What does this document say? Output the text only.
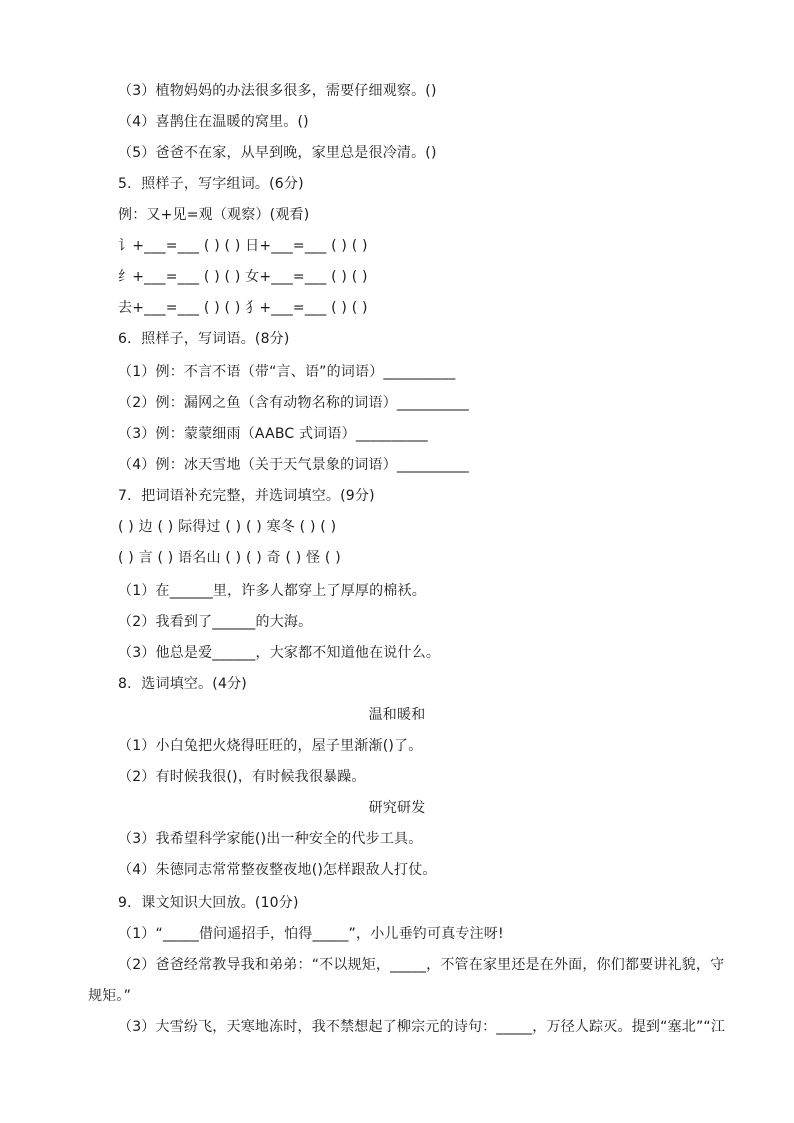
（3）植物妈妈的办法很多很多，需要仔细观察。()
（4）喜鹊住在温暖的窝里。()
（5）爸爸不在家，从早到晚，家里总是很冷清。()
5．照样子，写字组词。(6分)
例：又+见=观（观察）(观看)
讠+___=___ ( ) ( ) 日+___=___ ( ) ( )
纟+___=___ ( ) ( ) 女+___=___ ( ) ( )
去+___=___ ( ) ( ) 犭+___=___ ( ) ( )
6．照样子，写词语。(8分)
（1）例：不言不语（带“言、语”的词语）__________
（2）例：漏网之鱼（含有动物名称的词语）__________
（3）例：蒙蒙细雨（AABC 式词语）__________
（4）例：冰天雪地（关于天气景象的词语）__________
7．把词语补充完整，并选词填空。(9分)
( ) 边 ( ) 际得过 ( ) ( ) 寒冬 ( ) ( )
( ) 言 ( ) 语名山 ( ) ( ) 奇 ( ) 怪 ( )
（1）在______里，许多人都穿上了厚厚的棉袄。
（2）我看到了______的大海。
（3）他总是爱______，大家都不知道他在说什么。
8．选词填空。(4分)
温和暖和
（1）小白兔把火烧得旺旺的，屋子里渐渐()了。
（2）有时候我很()，有时候我很暴躁。
研究研发
（3）我希望科学家能()出一种安全的代步工具。
（4）朱德同志常常整夜整夜地()怎样跟敌人打仗。
9．课文知识大回放。(10分)
（1）“_____借问遥招手，怕得_____”，小儿垂钓可真专注呀!
（2）爸爸经常教导我和弟弟：“不以规矩，_____，不管在家里还是在外面，你们都要讲礼貌，守
规矩。”
（3）大雪纷飞，天寒地冻时，我不禁想起了柳宗元的诗句：_____，万径人踪灭。提到“塞北”“江
